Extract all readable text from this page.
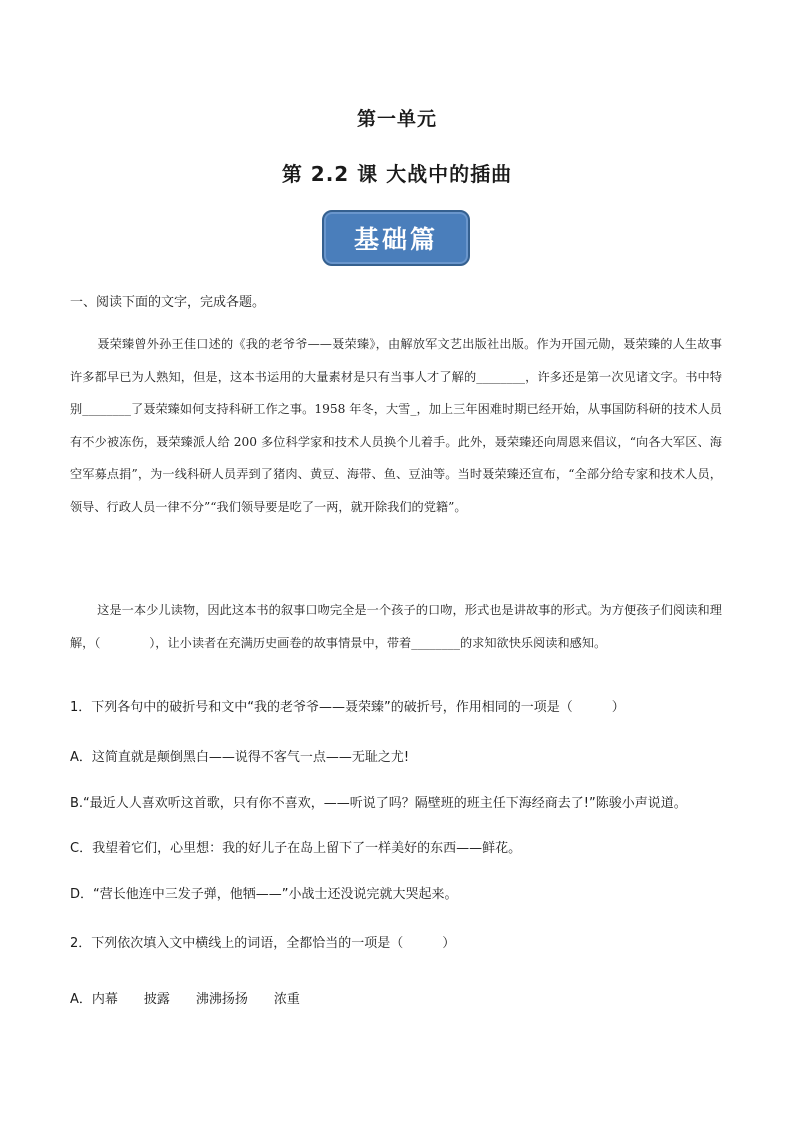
第一单元
第 2.2 课 大战中的插曲
基础篇
一、阅读下面的文字，完成各题。
聂荣臻曾外孙王佳口述的《我的老爷爷——聂荣臻》，由解放军文艺出版社出版。作为开国元勋，聂荣臻的人生故事许多都早已为人熟知，但是，这本书运用的大量素材是只有当事人才了解的________，许多还是第一次见诸文字。书中特别________了聂荣臻如何支持科研工作之事。1958 年冬，大雪_，加上三年困难时期已经开始，从事国防科研的技术人员有不少被冻伤，聂荣臻派人给 200 多位科学家和技术人员换个儿着手。此外，聂荣臻还向周恩来倡议，“向各大军区、海空军募点捐”，为一线科研人员弄到了猪肉、黄豆、海带、鱼、豆油等。当时聂荣臻还宣布，“全部分给专家和技术人员，领导、行政人员一律不分”“我们领导要是吃了一两，就开除我们的党籍”。
这是一本少儿读物，因此这本书的叙事口吻完全是一个孩子的口吻，形式也是讲故事的形式。为方便孩子们阅读和理解，（　　　　），让小读者在充满历史画卷的故事情景中，带着________的求知欲快乐阅读和感知。
1．下列各句中的破折号和文中“我的老爷爷——聂荣臻”的破折号，作用相同的一项是（　　　）
A．这简直就是颠倒黑白——说得不客气一点——无耻之尤!
B.“最近人人喜欢听这首歌，只有你不喜欢，——听说了吗？隔壁班的班主任下海经商去了!”陈骏小声说道。
C．我望着它们，心里想：我的好儿子在岛上留下了一样美好的东西——鲜花。
D．“营长他连中三发子弹，他牺——”小战士还没说完就大哭起来。
2．下列依次填入文中横线上的词语，全都恰当的一项是（　　　）
A．内幕　　披露　　沸沸扬扬　　浓重
